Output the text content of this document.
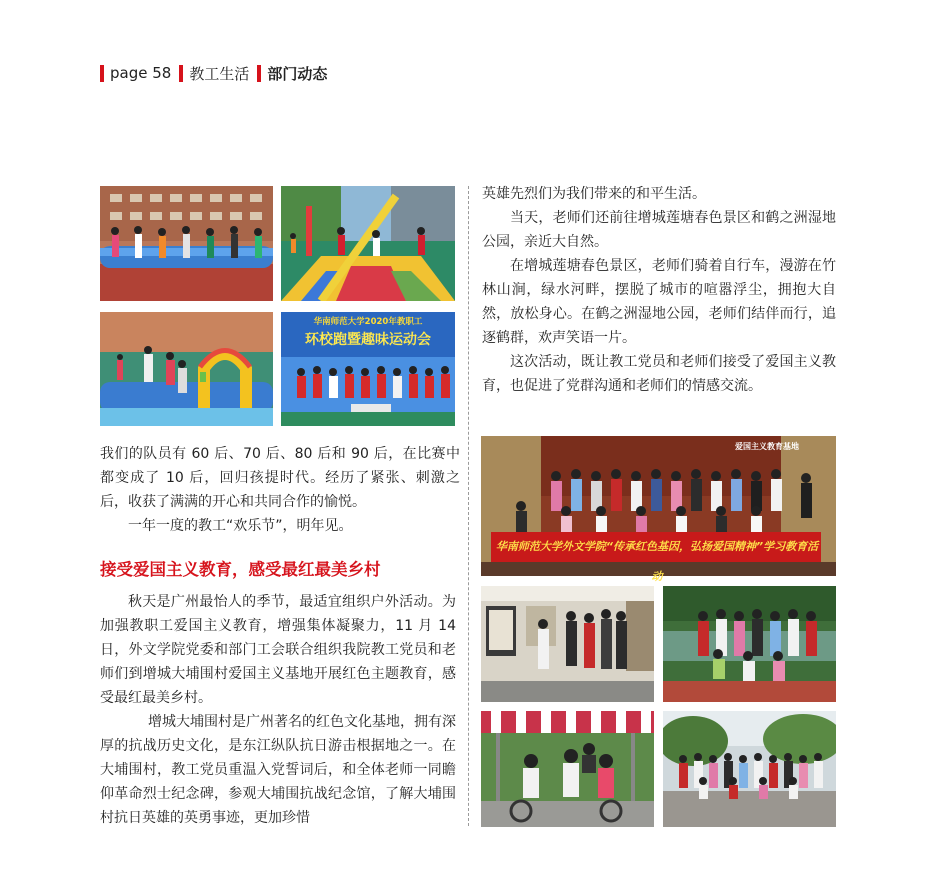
page 58 教工生活 部门动态
华南师范大学2020年教职工
环校跑暨趣味运动会

我们的队员有 60 后、70 后、80 后和 90 后，在比赛中都变成了 10 后，回归孩提时代。经历了紧张、刺激之后，收获了满满的开心和共同合作的愉悦。

一年一度的教工“欢乐节”，明年见。

接受爱国主义教育，感受最红最美乡村

秋天是广州最怡人的季节，最适宜组织户外活动。为加强教职工爱国主义教育，增强集体凝聚力，11 月 14 日，外文学院党委和部门工会联合组织我院教工党员和老师们到增城大埔围村爱国主义基地开展红色主题教育，感受最红最美乡村。

增城大埔围村是广州著名的红色文化基地，拥有深厚的抗战历史文化，是东江纵队抗日游击根据地之一。在大埔围村，教工党员重温入党誓词后，和全体老师一同瞻仰革命烈士纪念碑，参观大埔围抗战纪念馆，了解大埔围村抗日英雄的英勇事迹，更加珍惜

英雄先烈们为我们带来的和平生活。

当天，老师们还前往增城莲塘春色景区和鹤之洲湿地公园，亲近大自然。

在增城莲塘春色景区，老师们骑着自行车，漫游在竹林山涧，绿水河畔，摆脱了城市的喧嚣浮尘，拥抱大自然，放松身心。在鹤之洲湿地公园，老师们结伴而行，追逐鹤群，欢声笑语一片。

这次活动，既让教工党员和老师们接受了爱国主义教育，也促进了党群沟通和老师们的情感交流。

爱国主义教育基地
华南师范大学外文学院“传承红色基因，弘扬爱国精神”学习教育活动
